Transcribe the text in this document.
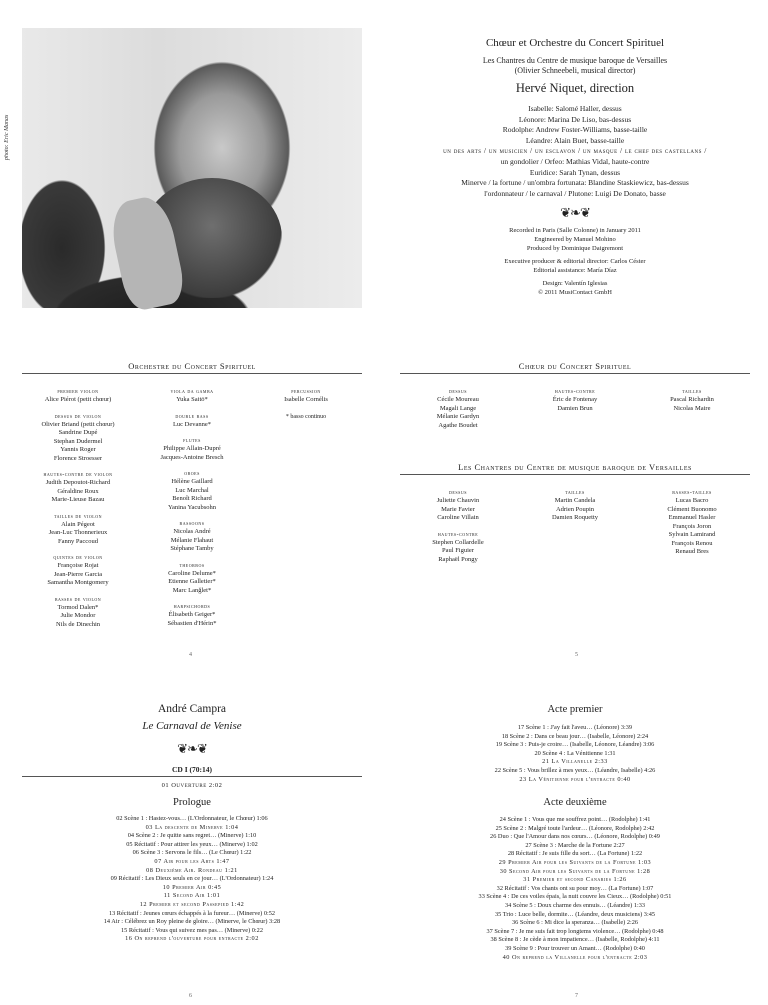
photo: Eric Manas
Chœur et Orchestre du Concert Spirituel
Les Chantres du Centre de musique baroque de Versailles
(Olivier Schneebeli, musical director)
Hervé Niquet, direction
Isabelle: Salomé Haller, dessus
Léonore: Marina De Liso, bas-dessus
Rodolphe: Andrew Foster-Williams, basse-taille
Léandre: Alain Buet, basse-taille
un des arts / un musicien / un esclavon / un masque / le chef des castellans /
un gondolier / Orfeo: Mathias Vidal, haute-contre
Euridice: Sarah Tynan, dessus
Minerve / la fortune / un'ombra fortunata: Blandine Staskiewicz, bas-dessus
l'ordonnateur / le carnaval / Plutone: Luigi De Donato, basse
❦❧❦
Recorded in Paris (Salle Colonne) in January 2011
Engineered by Manuel Mohino
Produced by Dominique Daigremont
Executive producer & editorial director: Carlos Céster
Editorial assistance: María Díaz
Design: Valentín Iglesias
© 2011 MusiContact GmbH
Orchestre du Concert Spirituel
premier violon
Alice Piérot (petit chœur)
dessus de violon
Olivier Briand (petit chœur)
Sandrine Dupé
Stephan Dudermel
Yannis Roger
Florence Stroesser
hautes-contre de violon
Judith Depoutot-Richard
Géraldine Roux
Marie-Lieuse Bazau
tailles de violon
Alain Pégeot
Jean-Luc Thonnerieux
Fanny Paccoud
quintes de violon
Françoise Rojat
Jean-Pierre Garcia
Samantha Montgomery
basses de violon
Tormod Dalen*
Julie Mondor
Nils de Dinechin
viola da gamba
Yuka Saitō*
double bass
Luc Devanne*
flutes
Philippe Allain-Dupré
Jacques-Antoine Bresch
oboes
Hélène Gaillard
Luc Marchal
Benoît Richard
Yanina Yacubsohn
bassoons
Nicolas André
Mélanie Flahaut
Stéphane Tamby
theorbos
Caroline Delume*
Etienne Galletier*
Marc Lanğlet*
harpsichords
Élisabeth Geiger*
Sébastien d'Hérin*
percussion
Isabelle Cornélis
* basso continuo
4
Chœur du Concert Spirituel
dessus
Cécile Moureau
Magali Lange
Mélanie Gardyn
Agathe Boudet
hautes-contre
Éric de Fontenay
Damien Brun
tailles
Pascal Richardin
Nicolas Maire
Les Chantres du Centre de musique baroque de Versailles
dessus
Juliette Chauvin
Marie Favier
Caroline Villain
hautes-contre
Stephen Collardelle
Paul Figuier
Raphaël Pongy
tailles
Martin Candela
Adrien Poupin
Damien Roquetty
basses-tailles
Lucas Bacro
Clément Buonomo
Emmanuel Hasler
François Joron
Sylvain Lamirand
François Renou
Renaud Bres
5
André Campra
Le Carnaval de Venise
❦❧❦
CD I (70:14)
01 Ouverture 2:02
Prologue
02 Scène 1 : Hastez-vous… (L'Ordonnateur, le Chœur) 1:06
03 La descente de Minerve 1:04
04 Scène 2 : Je quitte sans regret… (Minerve) 1:10
05 Récitatif : Pour attirer les yeux… (Minerve) 1:02
06 Scène 3 : Servons le fils… (Le Chœur) 1:22
07 Air pour les Arts 1:47
08 Deuxième Air. Rondeau 1:21
09 Récitatif : Les Dieux seuls en ce jour… (L'Ordonnateur) 1:24
10 Premier Air 0:45
11 Second Air 1:01
12 Premier et second Passepied 1:42
13 Récitatif : Jeunes cœurs échappés à la fureur… (Minerve) 0:52
14 Air : Célébrez un Roy pleine de gloire… (Minerve, le Chœur) 3:28
15 Récitatif : Vous qui suivez mes pas… (Minerve) 0:22
16 On reprend l'ouverture pour entracte 2:02
6
Acte premier
17 Scène 1 : J'ay fait l'aveu… (Léonore) 3:39
18 Scène 2 : Dans ce beau jour… (Isabelle, Léonore) 2:24
19 Scène 3 : Puis-je croire… (Isabelle, Léonore, Léandre) 3:06
20 Scène 4 : La Vénitienne 1:31
21 La Villanelle 2:33
22 Scène 5 : Vous brillez à mes yeux… (Léandre, Isabelle) 4:26
23 La Vénitienne pour l'entracte 0:40
Acte deuxième
24 Scène 1 : Vous que me souffrez point… (Rodolphe) 1:41
25 Scène 2 : Malgré toute l'ardeur… (Léonore, Rodolphe) 2:42
26 Duo : Que l'Amour dans nos cœurs… (Léonore, Rodolphe) 0:49
27 Scène 3 : Marche de la Fortune 2:27
28 Récitatif : Je suis fille du sort… (La Fortune) 1:22
29 Premier Air pour les Suivants de la Fortune 1:03
30 Second Air pour les Suivants de la Fortune 1:28
31 Premier et second Canaries 1:26
32 Récitatif : Vos chants ont su pour moy… (La Fortune) 1:07
33 Scène 4 : De ces voiles épais, la nuit couvre les Cieux… (Rodolphe) 0:51
34 Scène 5 : Doux charme des ennuis… (Léandre) 1:33
35 Trio : Luce belle, dormite… (Léandre, deux musiciens) 3:45
36 Scène 6 : Mi dice la speranza… (Isabelle) 2:26
37 Scène 7 : Je me suis fait trop longtems violence… (Rodolphe) 0:48
38 Scène 8 : Je cède à mon impatience… (Isabelle, Rodolphe) 4:11
39 Scène 9 : Pour trouver un Amant… (Rodolphe) 0:40
40 On reprend la Villanelle pour l'entracte 2:03
7
